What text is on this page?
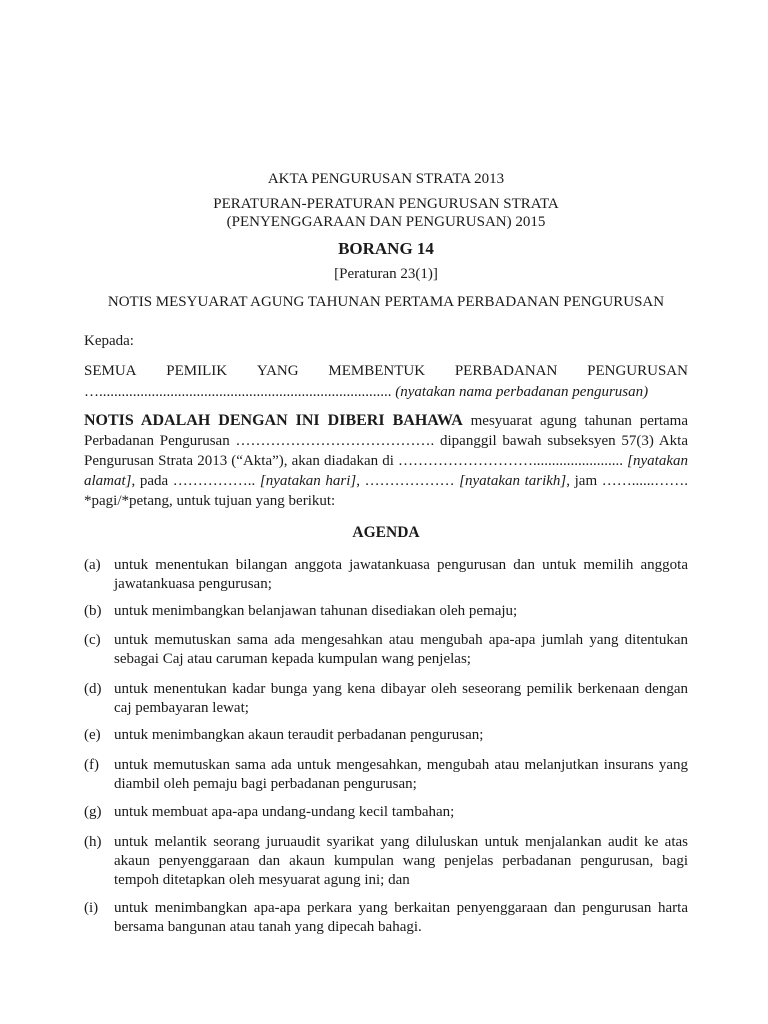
AKTA PENGURUSAN STRATA 2013
PERATURAN-PERATURAN PENGURUSAN STRATA
(PENYENGGARAAN DAN PENGURUSAN) 2015
BORANG 14
[Peraturan 23(1)]
NOTIS MESYUARAT AGUNG TAHUNAN PERTAMA PERBADANAN PENGURUSAN
Kepada:
SEMUA PEMILIK YANG MEMBENTUK PERBADANAN PENGURUSAN
….............................................................................. (nyatakan nama perbadanan pengurusan)
NOTIS ADALAH DENGAN INI DIBERI BAHAWA mesyuarat agung tahunan pertama Perbadanan Pengurusan …………………………………. dipanggil bawah subseksyen 57(3) Akta Pengurusan Strata 2013 (“Akta”), akan diadakan di ………………………........................ [nyatakan alamat], pada …………….. [nyatakan hari], ……………… [nyatakan tarikh], jam ……......……. *pagi/*petang, untuk tujuan yang berikut:
AGENDA
(a) untuk menentukan bilangan anggota jawatankuasa pengurusan dan untuk memilih anggota jawatankuasa pengurusan;
(b) untuk menimbangkan belanjawan tahunan disediakan oleh pemaju;
(c) untuk memutuskan sama ada mengesahkan atau mengubah apa-apa jumlah yang ditentukan sebagai Caj atau caruman kepada kumpulan wang penjelas;
(d) untuk menentukan kadar bunga yang kena dibayar oleh seseorang pemilik berkenaan dengan caj pembayaran lewat;
(e) untuk menimbangkan akaun teraudit perbadanan pengurusan;
(f)	untuk memutuskan sama ada untuk mengesahkan, mengubah atau melanjutkan insurans yang diambil oleh pemaju bagi perbadanan pengurusan;
(g) untuk membuat apa-apa undang-undang kecil tambahan;
(h) untuk melantik seorang juruaudit syarikat yang diluluskan untuk menjalankan audit ke atas akaun penyenggaraan dan akaun kumpulan wang penjelas perbadanan pengurusan, bagi tempoh ditetapkan oleh mesyuarat agung ini; dan
(i)	untuk menimbangkan apa-apa perkara yang berkaitan penyenggaraan dan pengurusan harta bersama bangunan atau tanah yang dipecah bahagi.
